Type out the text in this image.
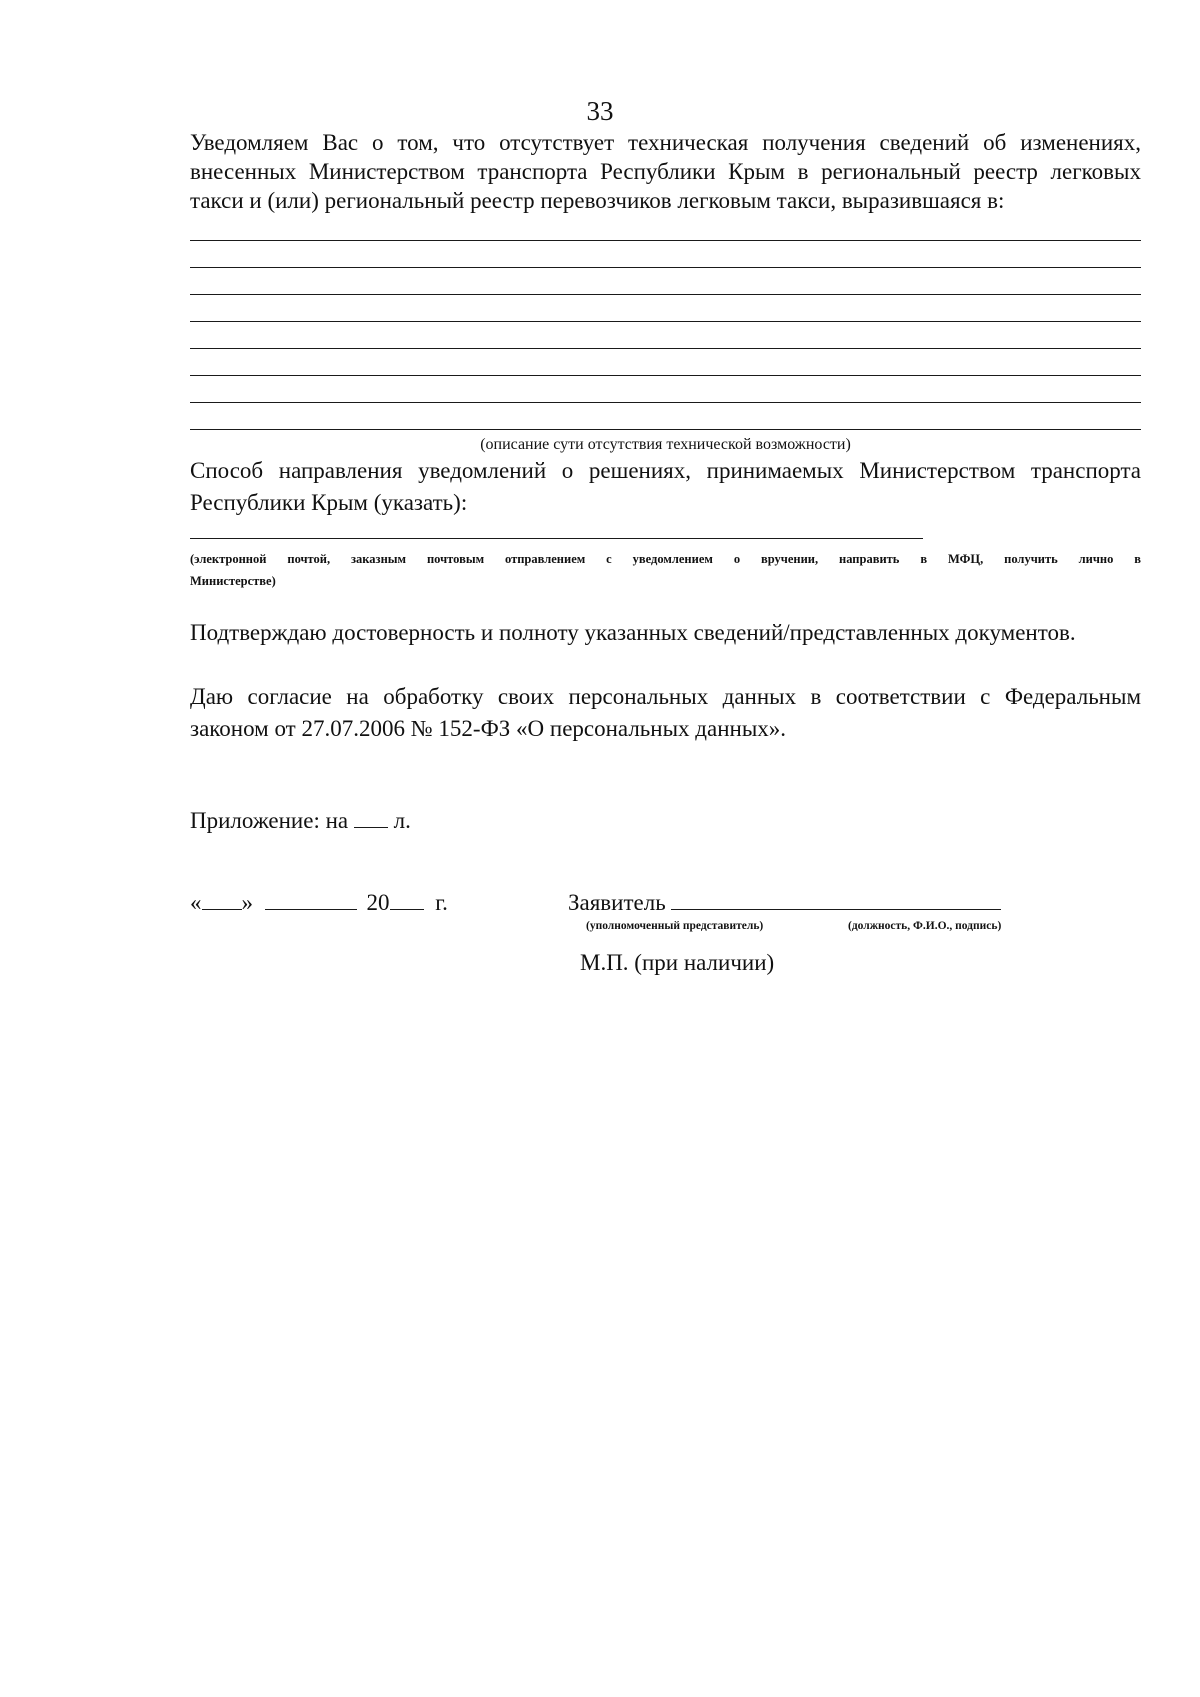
33
Уведомляем Вас о том, что отсутствует техническая получения сведений об изменениях,
внесенных Министерством транспорта Республики Крым в региональный реестр легковых
такси и (или) региональный реестр перевозчиков легковым такси, выразившаяся в:
(описание сути отсутствия технической возможности)
Способ направления уведомлений о решениях, принимаемых Министерством транспорта
Республики Крым (указать):
(электронной почтой, заказным почтовым отправлением с уведомлением о вручении, направить в МФЦ, получить лично в
Министерстве)
Подтверждаю достоверность и полноту указанных сведений/представленных документов.
Даю согласие на обработку своих персональных данных в соответствии с Федеральным
законом от 27.07.2006 № 152-ФЗ «О персональных данных».
Приложение: на л.
« »	20 г.	Заявитель
(уполномоченный представитель)	(должность, Ф.И.О., подпись)
М.П. (при наличии)
